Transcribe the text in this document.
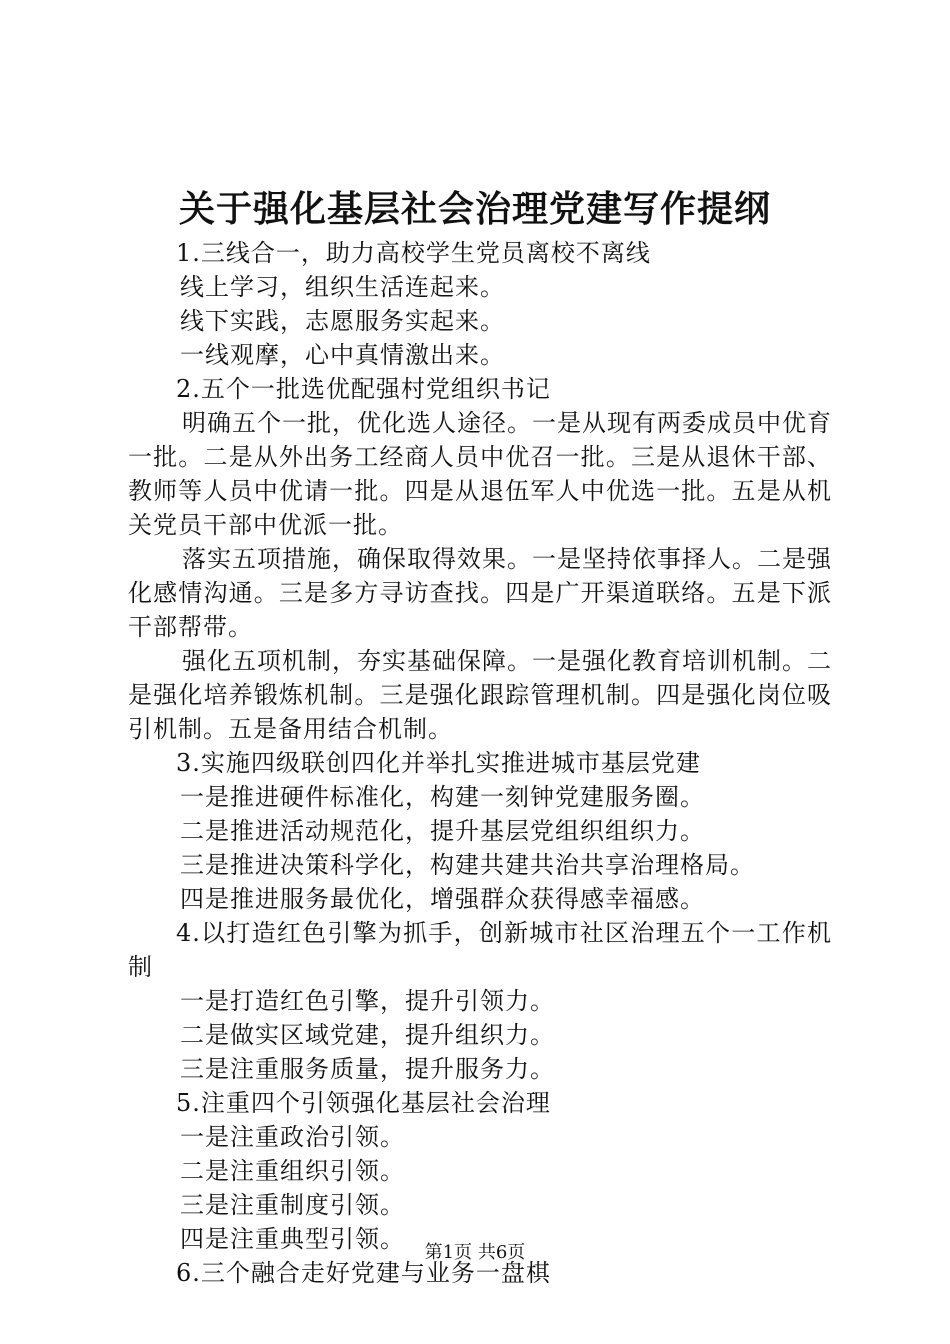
关于强化基层社会治理党建写作提纲

1.三线合一，助力高校学生党员离校不离线

线上学习，组织生活连起来。

线下实践，志愿服务实起来。

一线观摩，心中真情激出来。

2.五个一批选优配强村党组织书记

明确五个一批，优化选人途径。一是从现有两委成员中优育一批。二是从外出务工经商人员中优召一批。三是从退休干部、教师等人员中优请一批。四是从退伍军人中优选一批。五是从机关党员干部中优派一批。

落实五项措施，确保取得效果。一是坚持依事择人。二是强化感情沟通。三是多方寻访查找。四是广开渠道联络。五是下派干部帮带。

强化五项机制，夯实基础保障。一是强化教育培训机制。二是强化培养锻炼机制。三是强化跟踪管理机制。四是强化岗位吸引机制。五是备用结合机制。

3.实施四级联创四化并举扎实推进城市基层党建

一是推进硬件标准化，构建一刻钟党建服务圈。

二是推进活动规范化，提升基层党组织组织力。

三是推进决策科学化，构建共建共治共享治理格局。

四是推进服务最优化，增强群众获得感幸福感。

4.以打造红色引擎为抓手，创新城市社区治理五个一工作机制

一是打造红色引擎，提升引领力。

二是做实区域党建，提升组织力。

三是注重服务质量，提升服务力。

5.注重四个引领强化基层社会治理

一是注重政治引领。

二是注重组织引领。

三是注重制度引领。

四是注重典型引领。

6.三个融合走好党建与业务一盘棋

第1页 共6页
